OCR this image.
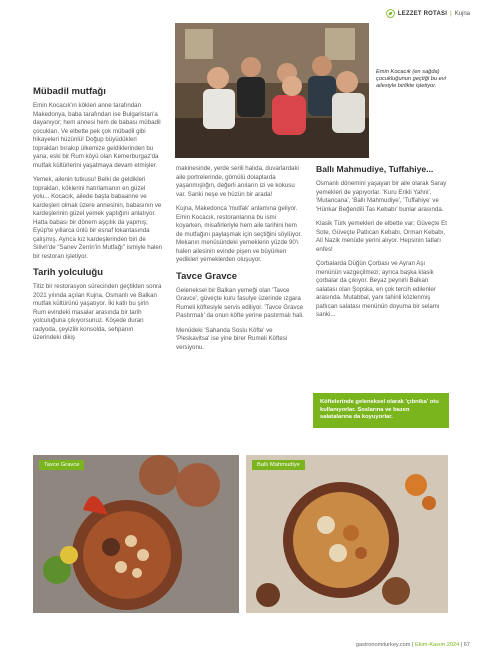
LEZZET ROTASI | Kujna
Emin Kocacık (en sağda) çocukluğunun geçtiği bu evi ailesiyle birlikte işletiyor.
Mübadil mutfağı

Emin Kocacık'ın kökleri anne tarafından Makedonya, baba tarafından ise Bulgaristan'a dayanıyor; hem annesi hem de babası mübadil çocukları. Ve elbette pek çok mübadil gibi hikayeleri hüzünlü! Doğup büyüdükleri toprakları bırakıp ülkemize geldiklerinden bu yana, eski bir Rum köyü olan Kemerburgaz'da mutfak kültürlerini yaşatmaya devam etmişler.

Yemek, ailenin tutkusu! Belki de geldikleri toprakları, köklerini hatırlamanın en güzel yolu... Kocacık, ailede başta babaanne ve kardeşleri olmak üzere annesinin, babasının ve kardeşlerinin güzel yemek yaptığını anlatıyor. Hatta babası bir dönem aşçılık da yapmış; Eyüp'te yıllarca ünlü bir esnaf lokantasında çalışmış. Ayrıca kız kardeşlerinden biri de Silivri'de "Sanev Zerrin'in Mutfağı" ismiyle halen bir restoran işletiyor.

Tarih yolculuğu

Titiz bir restorasyon sürecinden geçtikten sonra 2021 yılında açılan Kujna, Osmanlı ve Balkan mutfak kültürünü yaşatıyor. İki katlı bu şirin Rum evindeki masalar arasında bir tarih yolculuğuna çıkıyorsunuz. Köşede duran radyoda, çeyizlik konsolda, sehpanın üzerindeki dikiş

makinesinde, yerde serili halıda, duvarlardaki aile portrelerinde, gömülü dolaplarda yaşanmışlığın, değerli anıların izi ve kokusu var. Sanki neşe ve hüzün bir arada!

Kujna, Makedonca 'mutfak' anlamına geliyor. Emin Kocacık, restoranlarına bu ismi koyarken, misafirleriyle hem aile tarihini hem de mutfağını paylaşmak için seçtiğini söylüyor. Mekanın menüsündeki yemeklerin yüzde 90'ı halen ailesinin evinde pişen ve büyürken yedikleri yemeklerden oluşuyor.

Tavce Gravce

Geleneksel bir Balkan yemeği olan 'Tavce Gravce', güveçte kuru fasulye üzerinde ızgara Rumeli köftesiyle servis ediliyor. 'Tavce Gravce Pastırmalı' da onun köfte yerine pastırmalı hali.

Menüdeki 'Sahanda Soslu Köfte' ve 'Pleskavitsa' ise yine birer Rumeli Köftesi versiyonu.

Ballı Mahmudiye, Tuffahiye...

Osmanlı döneminí yaşayan bir aile olarak Saray yemekleri de yapıyorlar. 'Kuru Erikli Yahni', 'Mutancana', 'Ballı Mahmudiye', 'Tuffahiye' ve 'Hünkar Beğendili Tas Kebabı' bunlar arasında.

Klasik Türk yemekleri de elbette var; Güveçte Et Sote, Güveçte Patlıcan Kebabı, Orman Kebabı, Ali Nazik menüde yerini alıyor. Hepsinin tatları enfes!

Çorbalarda Düğün Çorbası ve Ayran Aşı menünün vazgeçilmezi; ayrıca başka klasik çorbalar da çıkıyor. Beyaz peynirli Balkan salatası olan Şopska, en çok tercih edilenler arasında. Mutabbal, yanı tahinli közlenmiş patlıcan salatası menünün doyuma bir selamı sanki...

Köftelerinde geleneksel olarak 'çıbnika' otu kullanıyorlar. Soslarına ve bazen salatalarına da koyuyorlar.
Tavce Gravce	Ballı Mahmudiye
gastronomiturkey.com | Ekim-Kasım 2024 | 67
